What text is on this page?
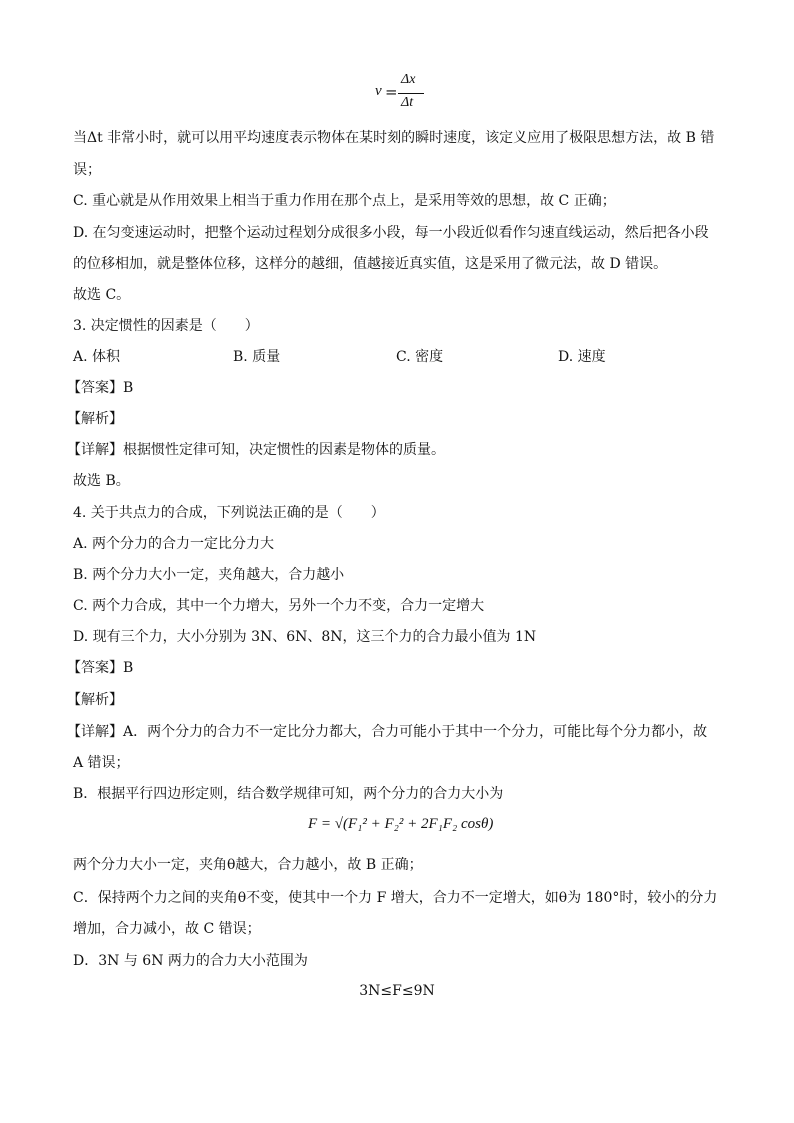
v =
Δx
Δt
当Δt 非常小时，就可以用平均速度表示物体在某时刻的瞬时速度，该定义应用了极限思想方法，故 B 错
误；
C. 重心就是从作用效果上相当于重力作用在那个点上，是采用等效的思想，故 C 正确；
D. 在匀变速运动时，把整个运动过程划分成很多小段，每一小段近似看作匀速直线运动，然后把各小段
的位移相加，就是整体位移，这样分的越细，值越接近真实值，这是采用了微元法，故 D 错误。
故选 C。
3. 决定惯性的因素是（　　）
A. 体积	B. 质量	C. 密度	D. 速度
【答案】B
【解析】
【详解】根据惯性定律可知，决定惯性的因素是物体的质量。
故选 B。
4. 关于共点力的合成，下列说法正确的是（　　）
A. 两个分力的合力一定比分力大
B. 两个分力大小一定，夹角越大，合力越小
C. 两个力合成，其中一个力增大，另外一个力不变，合力一定增大
D. 现有三个力，大小分别为 3N、6N、8N，这三个力的合力最小值为 1N
【答案】B
【解析】
【详解】A．两个分力的合力不一定比分力都大，合力可能小于其中一个分力，可能比每个分力都小，故
A 错误；
B．根据平行四边形定则，结合数学规律可知，两个分力的合力大小为
F = √(F₁² + F₂² + 2F₁F₂ cosθ)
两个分力大小一定，夹角θ越大，合力越小，故 B 正确；
C．保持两个力之间的夹角θ不变，使其中一个力 F 增大，合力不一定增大，如θ为 180°时，较小的分力
增加，合力减小，故 C 错误；
D．3N 与 6N 两力的合力大小范围为
3N≤F≤9N
